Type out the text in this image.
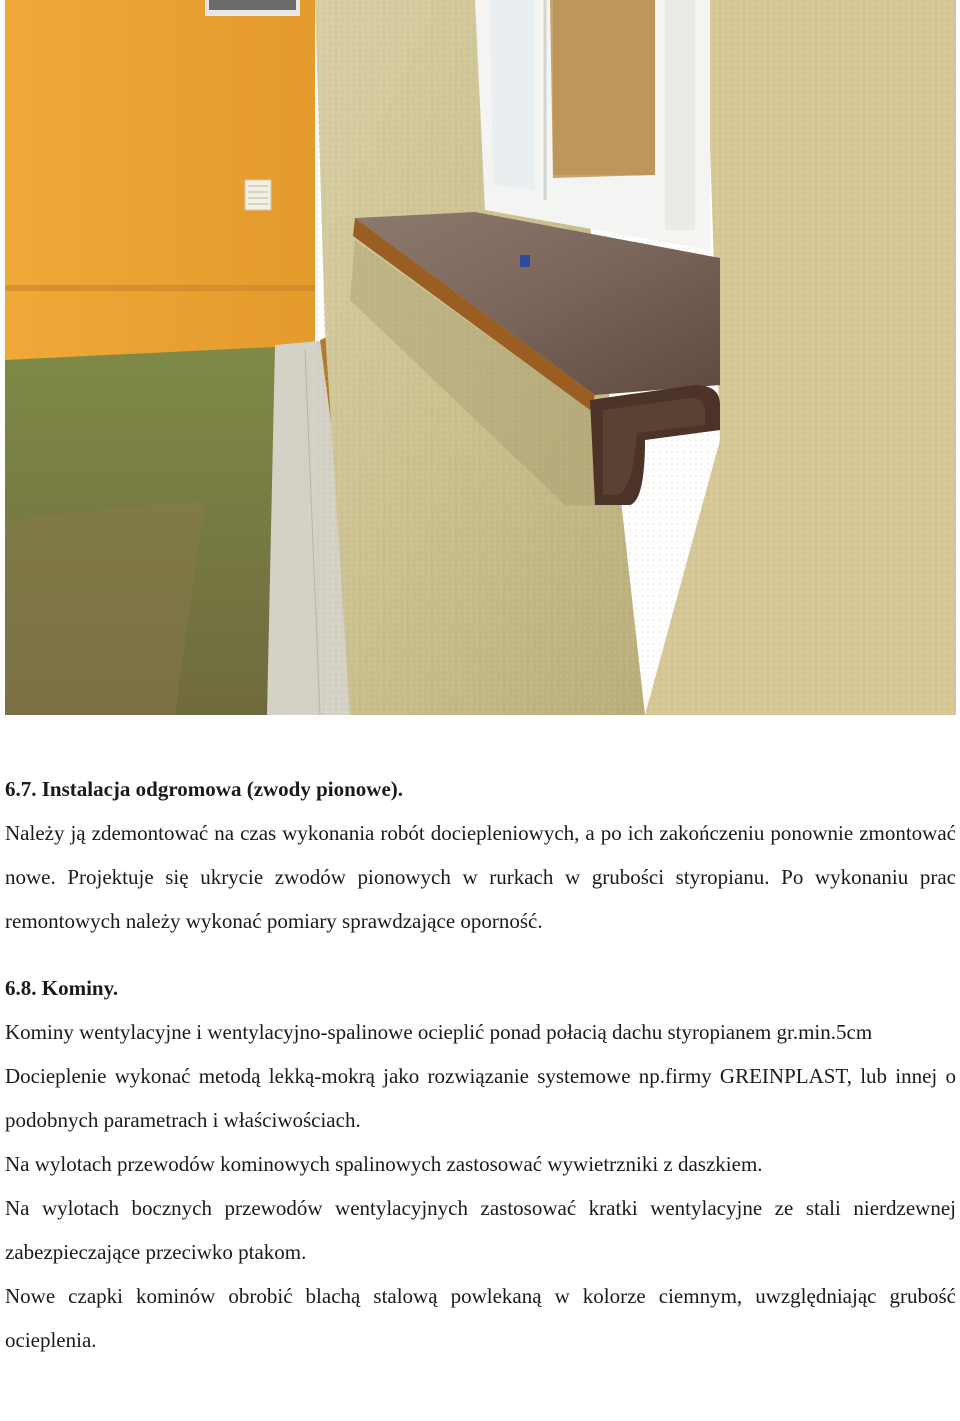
6.7. Instalacja odgromowa (zwody pionowe).

Należy ją zdemontować na czas wykonania robót dociepleniowych, a po ich zakończeniu ponownie zmontować nowe. Projektuje się ukrycie zwodów pionowych w rurkach w grubości styropianu. Po wykonaniu prac remontowych należy wykonać pomiary sprawdzające oporność.

6.8. Kominy.

Kominy wentylacyjne i wentylacyjno-spalinowe ocieplić ponad połacią dachu styropianem gr.min.5cm

Docieplenie wykonać metodą lekką-mokrą jako rozwiązanie systemowe np.firmy GREINPLAST, lub innej o podobnych parametrach i właściwościach.

Na wylotach przewodów kominowych spalinowych zastosować wywietrzniki z daszkiem.

Na wylotach bocznych przewodów wentylacyjnych zastosować kratki wentylacyjne ze stali nierdzewnej zabezpieczające przeciwko ptakom.

Nowe czapki kominów obrobić blachą stalową powlekaną w kolorze ciemnym, uwzględniając grubość ocieplenia.
